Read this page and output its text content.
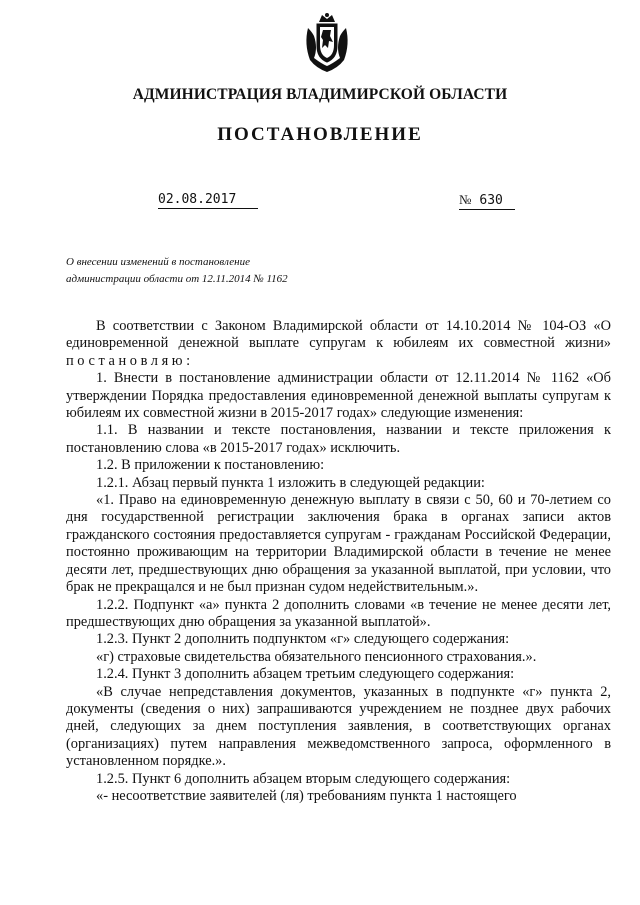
АДМИНИСТРАЦИЯ ВЛАДИМИРСКОЙ ОБЛАСТИ
ПОСТАНОВЛЕНИЕ
02.08.2017	№ 630
О внесении изменений в постановление
администрации области от 12.11.2014 № 1162

В соответствии с Законом Владимирской области от 14.10.2014 № 104-ОЗ «О единовременной денежной выплате супругам к юбилеям их совместной жизни» постановляю:

1. Внести в постановление администрации области от 12.11.2014 № 1162 «Об утверждении Порядка предоставления единовременной денежной выплаты супругам к юбилеям их совместной жизни в 2015-2017 годах» следующие изменения:

1.1. В названии и тексте постановления, названии и тексте приложения к постановлению слова «в 2015-2017 годах» исключить.

1.2. В приложении к постановлению:

1.2.1. Абзац первый пункта 1 изложить в следующей редакции:

«1. Право на единовременную денежную выплату в связи с 50, 60 и 70-летием со дня государственной регистрации заключения брака в органах записи актов гражданского состояния предоставляется супругам - гражданам Российской Федерации, постоянно проживающим на территории Владимирской области в течение не менее десяти лет, предшествующих дню обращения за указанной выплатой, при условии, что брак не прекращался и не был признан судом недействительным.».

1.2.2. Подпункт «а» пункта 2 дополнить словами «в течение не менее десяти лет, предшествующих дню обращения за указанной выплатой».

1.2.3. Пункт 2 дополнить подпунктом «г» следующего содержания:

«г) страховые свидетельства обязательного пенсионного страхования.».

1.2.4. Пункт 3 дополнить абзацем третьим следующего содержания:

«В случае непредставления документов, указанных в подпункте «г» пункта 2, документы (сведения о них) запрашиваются учреждением не позднее двух рабочих дней, следующих за днем поступления заявления, в соответствующих органах (организациях) путем направления межведомственного запроса, оформленного в установленном порядке.».

1.2.5. Пункт 6 дополнить абзацем вторым следующего содержания:

«- несоответствие заявителей (ля) требованиям пункта 1 настоящего
